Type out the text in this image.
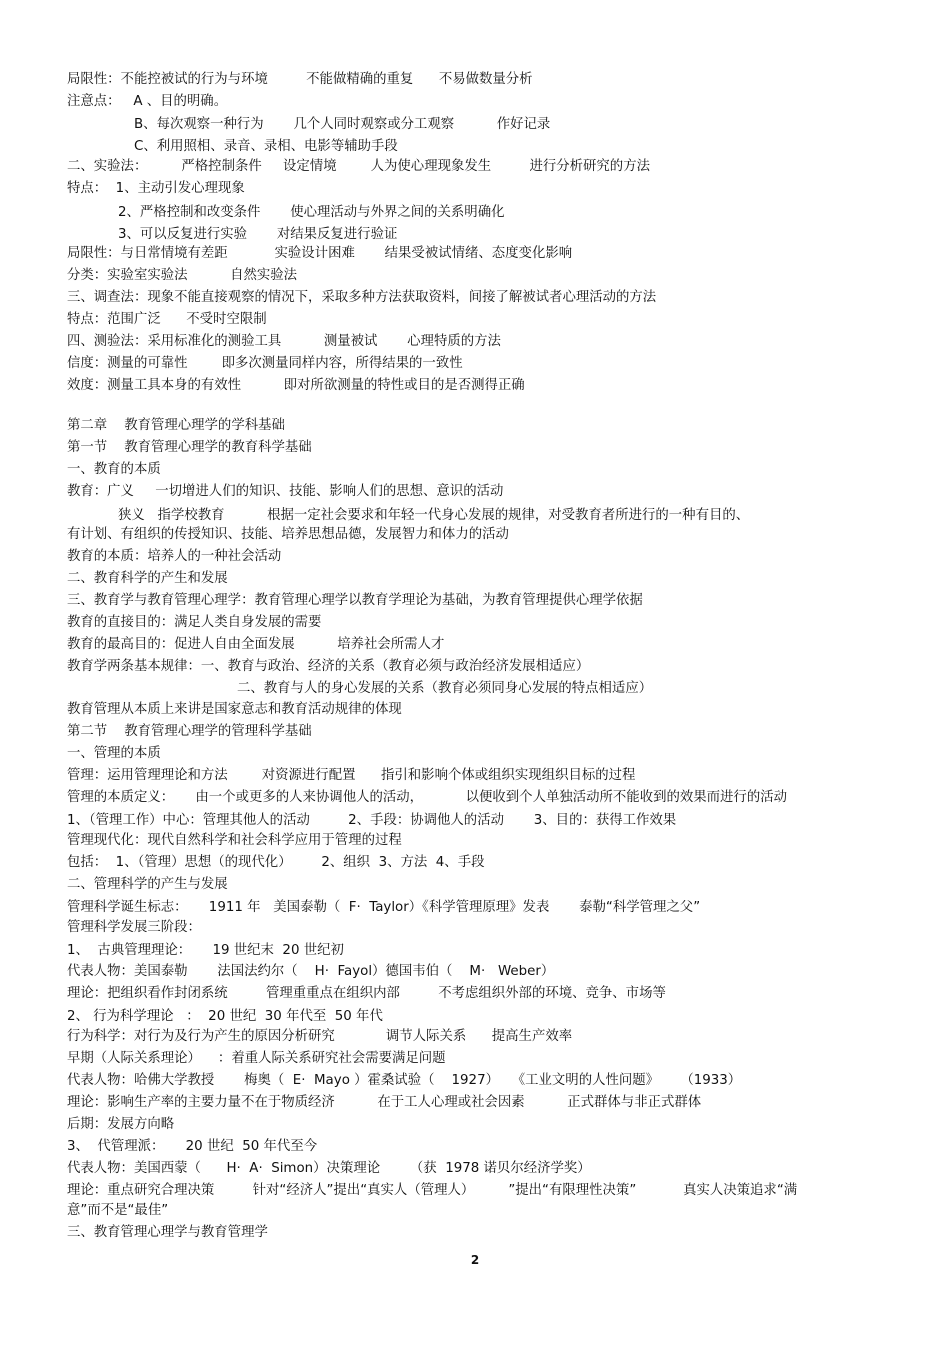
局限性：不能控被试的行为与环境         不能做精确的重复      不易做数量分析
注意点：   A 、目的明确。
B、每次观察一种行为       几个人同时观察或分工观察          作好记录
C、利用照相、录音、录相、电影等辅助手段
二、实验法：        严格控制条件     设定情境        人为使心理现象发生         进行分析研究的方法
特点：  1、主动引发心理现象
2、严格控制和改变条件       使心理活动与外界之间的关系明确化
3、可以反复进行实验       对结果反复进行验证
局限性：与日常情境有差距           实验设计困难       结果受被试情绪、态度变化影响
分类：实验室实验法          自然实验法
三、调查法：现象不能直接观察的情况下，采取多种方法获取资料，间接了解被试者心理活动的方法
特点：范围广泛      不受时空限制
四、测验法：采用标准化的测验工具          测量被试       心理特质的方法
信度：测量的可靠性        即多次测量同样内容，所得结果的一致性
效度：测量工具本身的有效性          即对所欲测量的特性或目的是否测得正确
第二章    教育管理心理学的学科基础
第一节    教育管理心理学的教育科学基础
一、教育的本质
教育：广义     一切增进人们的知识、技能、影响人们的思想、意识的活动
狭义   指学校教育          根据一定社会要求和年轻一代身心发展的规律，对受教育者所进行的一种有目的、
有计划、有组织的传授知识、技能、培养思想品德，发展智力和体力的活动
教育的本质：培养人的一种社会活动
二、教育科学的产生和发展
三、教育学与教育管理心理学：教育管理心理学以教育学理论为基础，为教育管理提供心理学依据
教育的直接目的：满足人类自身发展的需要
教育的最高目的：促进人自由全面发展          培养社会所需人才
教育学两条基本规律：一、教育与政治、经济的关系（教育必须与政治经济发展相适应）
二、教育与人的身心发展的关系（教育必须同身心发展的特点相适应）
教育管理从本质上来讲是国家意志和教育活动规律的体现
第二节    教育管理心理学的管理科学基础
一、管理的本质
管理：运用管理理论和方法        对资源进行配置      指引和影响个体或组织实现组织目标的过程
管理的本质定义：     由一个或更多的人来协调他人的活动，          以便收到个人单独活动所不能收到的效果而进行的活动
1、（管理工作）中心：管理其他人的活动         2、手段：协调他人的活动       3、目的：获得工作效果
管理现代化：现代自然科学和社会科学应用于管理的过程
包括：  1、（管理）思想（的现代化）       2、组织  3、方法  4、手段
二、管理科学的产生与发展
管理科学诞生标志：     1911 年   美国泰勒（  F·  Taylor）《科学管理原理》发表       泰勒“科学管理之父”
管理科学发展三阶段：
1、  古典管理理论：     19 世纪末  20 世纪初
代表人物：美国泰勒       法国法约尔（    H·  Fayol）德国韦伯（    M·   Weber）
理论：把组织看作封闭系统         管理重重点在组织内部         不考虑组织外部的环境、竞争、市场等
2、 行为科学理论   ：  20 世纪  30 年代至  50 年代
行为科学：对行为及行为产生的原因分析研究            调节人际关系      提高生产效率
早期（人际关系理论）    ：着重人际关系研究社会需要满足问题
代表人物：哈佛大学教授       梅奥（  E·  Mayo ）霍桑试验（    1927）   《工业文明的人性问题》     （1933）
理论：影响生产率的主要力量不在于物质经济          在于工人心理或社会因素          正式群体与非正式群体
后期：发展方向略
3、  代管理派：     20 世纪  50 年代至今
代表人物：美国西蒙（      H·  A·  Simon）决策理论       （获  1978 诺贝尔经济学奖）
理论：重点研究合理决策         针对“经济人”提出“真实人（管理人）        ”提出“有限理性决策”           真实人决策追求“满
意”而不是“最佳”
三、教育管理心理学与教育管理学
2
